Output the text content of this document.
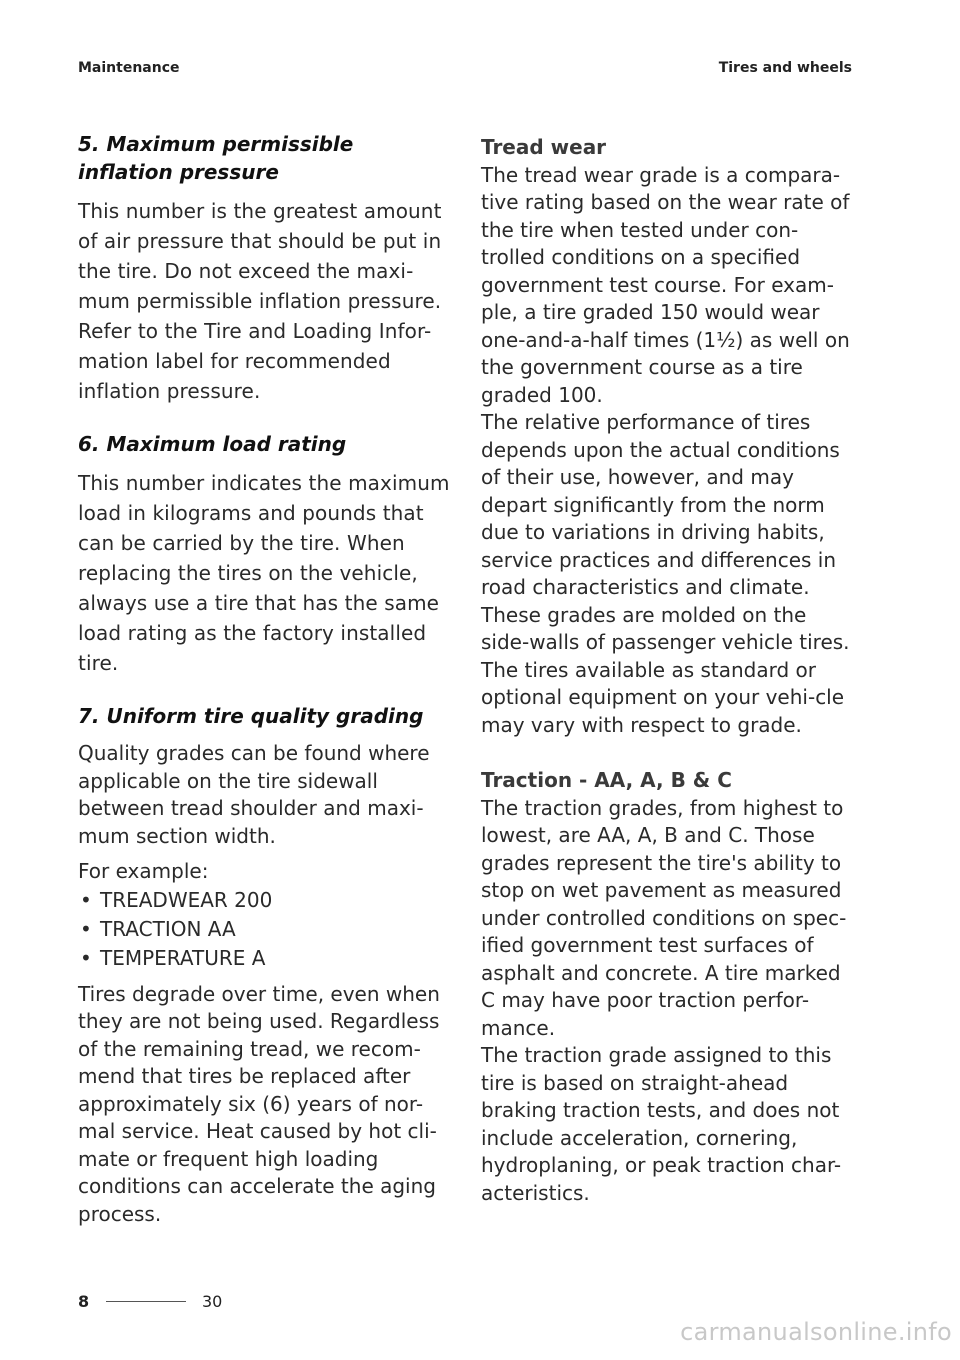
Maintenance	Tires and wheels
5. Maximum permissible inflation pressure

This number is the greatest amount of air pressure that should be put in the tire. Do not exceed the maxi-mum permissible inflation pressure. Refer to the Tire and Loading Infor-mation label for recommended inflation pressure.

6. Maximum load rating

This number indicates the maximum load in kilograms and pounds that can be carried by the tire. When replacing the tires on the vehicle, always use a tire that has the same load rating as the factory installed tire.

7. Uniform tire quality grading

Quality grades can be found where applicable on the tire sidewall between tread shoulder and maxi-mum section width.

For example:

• TREADWEAR 200
• TRACTION AA
• TEMPERATURE A

Tires degrade over time, even when they are not being used. Regardless of the remaining tread, we recom-mend that tires be replaced after approximately six (6) years of nor-mal service. Heat caused by hot cli-mate or frequent high loading conditions can accelerate the aging process.

Tread wear

The tread wear grade is a compara-tive rating based on the wear rate of the tire when tested under con-trolled conditions on a specified government test course. For exam-ple, a tire graded 150 would wear one-and-a-half times (1½) as well on the government course as a tire graded 100.

The relative performance of tires depends upon the actual conditions of their use, however, and may depart significantly from the norm due to variations in driving habits, service practices and differences in road characteristics and climate. These grades are molded on the side-walls of passenger vehicle tires. The tires available as standard or optional equipment on your vehi-cle may vary with respect to grade.

Traction - AA, A, B & C

The traction grades, from highest to lowest, are AA, A, B and C. Those grades represent the tire's ability to stop on wet pavement as measured under controlled conditions on spec-ified government test surfaces of asphalt and concrete. A tire marked C may have poor traction perfor-mance.

The traction grade assigned to this tire is based on straight-ahead braking traction tests, and does not include acceleration, cornering, hydroplaning, or peak traction char-acteristics.

8	30
carmanualsonline.info
